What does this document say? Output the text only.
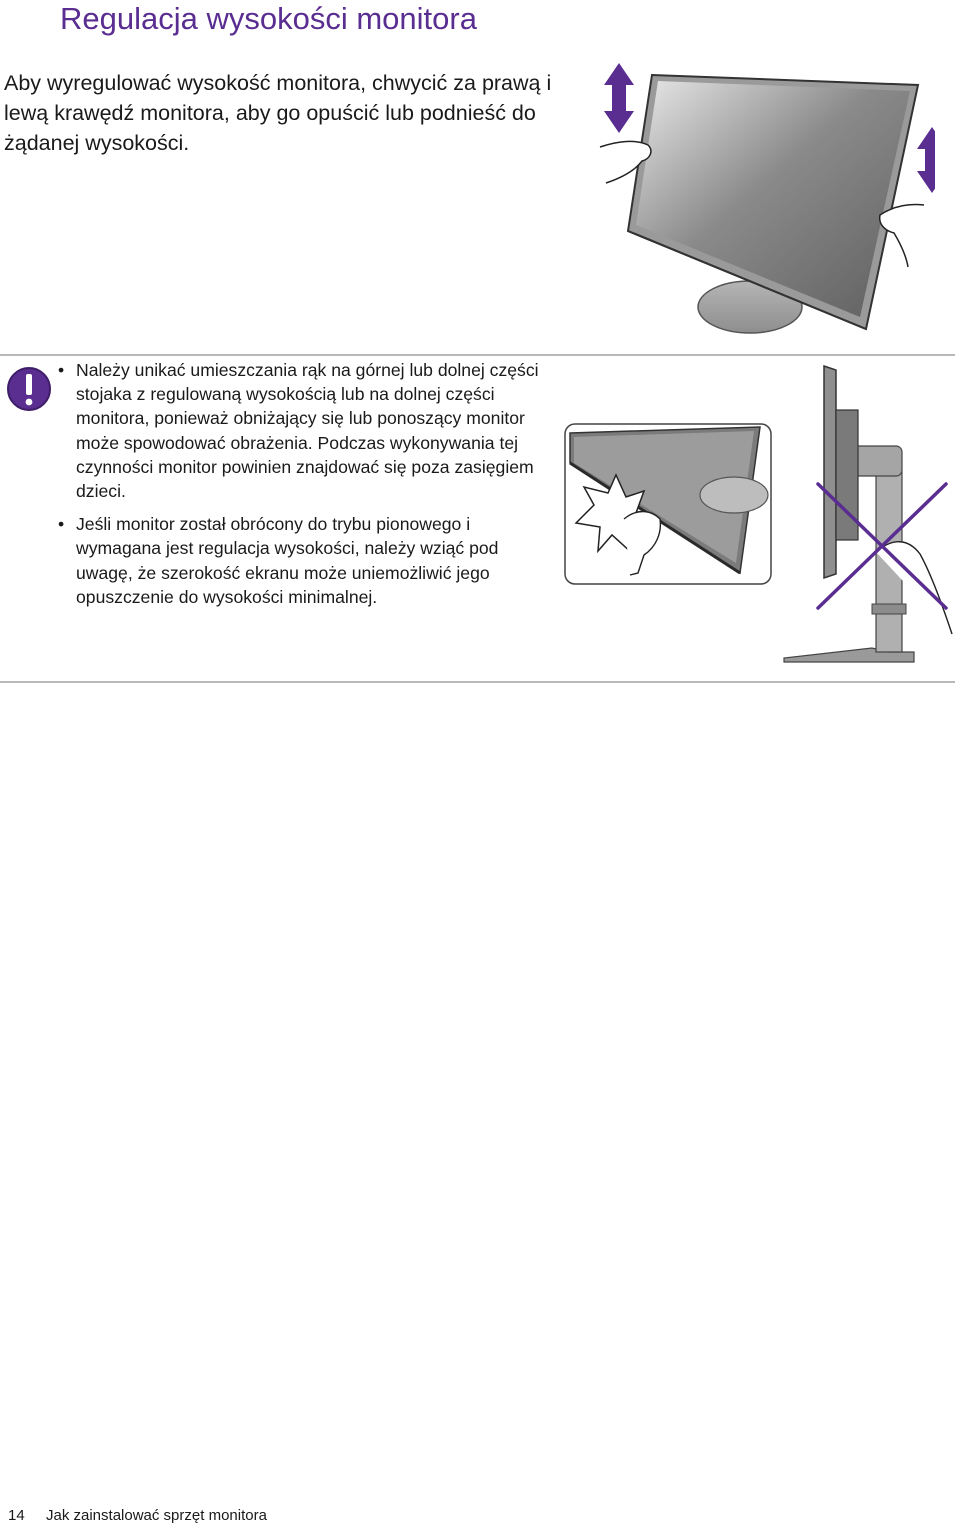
Regulacja wysokości monitora

Aby wyregulować wysokość monitora, chwycić za prawą i lewą krawędź monitora, aby go opuścić lub podnieść do żądanej wysokości.

• Należy unikać umieszczania rąk na górnej lub dolnej części stojaka z regulowaną wysokością lub na dolnej części monitora, ponieważ obniżający się lub ponoszący monitor może spowodować obrażenia. Podczas wykonywania tej czynności monitor powinien znajdować się poza zasięgiem dzieci.
• Jeśli monitor został obrócony do trybu pionowego i wymagana jest regulacja wysokości, należy wziąć pod uwagę, że szerokość ekranu może uniemożliwić jego opuszczenie do wysokości minimalnej.
14 Jak zainstalować sprzęt monitora
